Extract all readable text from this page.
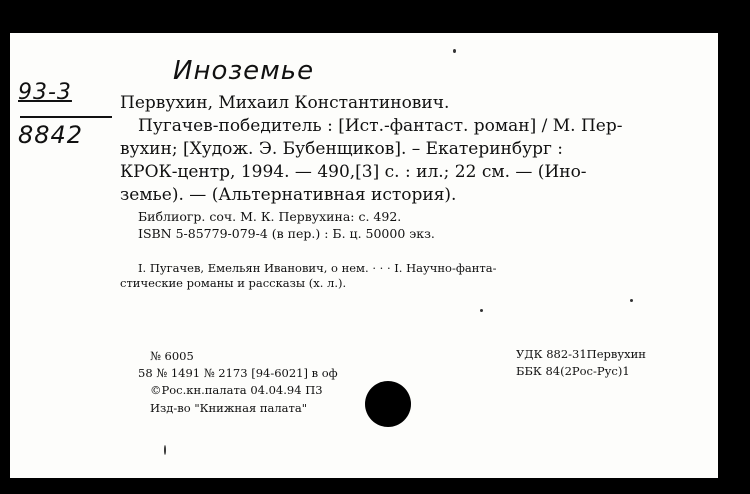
Иноземье
93-3
8842
Первухин, Михаил Константинович.
Пугачев-победитель : [Ист.-фантаст. роман] / М. Пер-
вухин; [Худож. Э. Бубенщиков]. – Екатеринбург :
КРОК-центр, 1994. — 490,[3] с. : ил.; 22 см. — (Ино-
земье). — (Альтернативная история).
Библиогр. соч. М. К. Первухина: с. 492.
ISBN 5-85779-079-4 (в пер.) : Б. ц. 50000 экз.
I. Пугачев, Емельян Иванович, о нем. · · · I. Научно-фанта-
стические романы и рассказы (х. л.).
№ 6005
58 № 1491 № 2173 [94-6021] в оф
©Рос.кн.палата 04.04.94 П3
Изд-во "Книжная палата"
УДК 882-31Первухин
ББК 84(2Рос-Рус)1
